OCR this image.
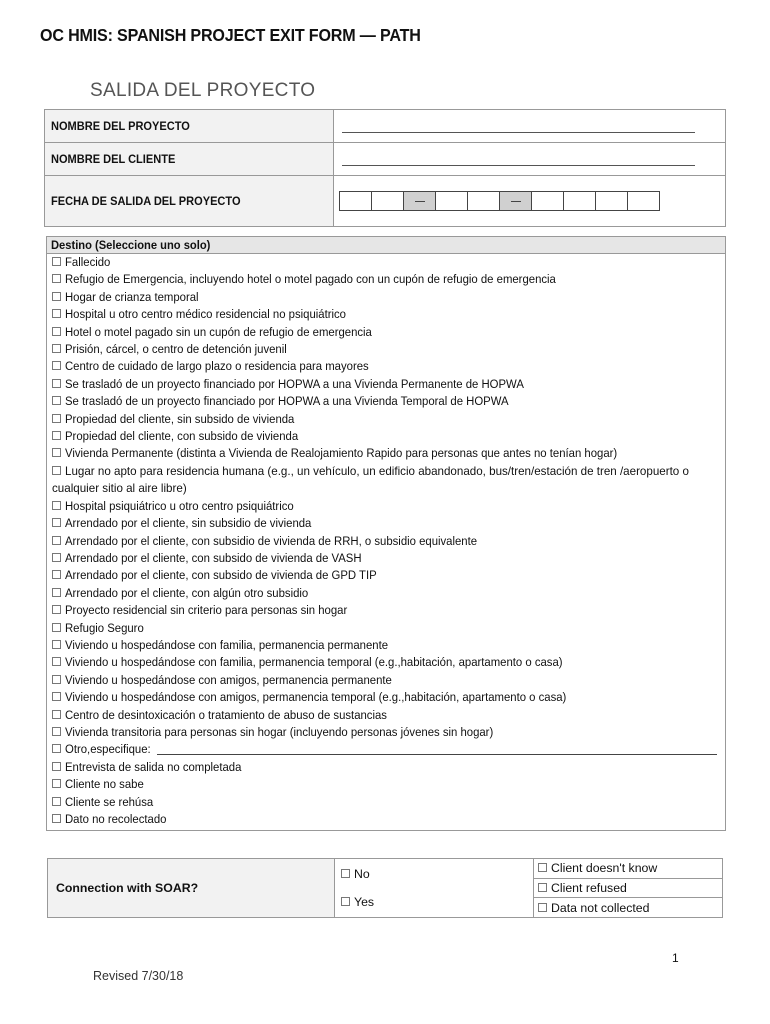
OC HMIS: SPANISH PROJECT EXIT FORM — PATH
SALIDA DEL PROYECTO
NOMBRE DEL PROYECTO	

NOMBRE DEL CLIENTE	

FECHA DE SALIDA DEL PROYECTO	
Destino (Seleccione uno solo)
Fallecido
Refugio de Emergencia, incluyendo hotel o motel pagado con un cupón de refugio de emergencia
Hogar de crianza temporal
Hospital u otro centro médico residencial no psiquiátrico
Hotel o motel pagado sin un cupón de refugio de emergencia
Prisión, cárcel, o centro de detención juvenil
Centro de cuidado de largo plazo o residencia para mayores
Se trasladó de un proyecto financiado por HOPWA a una Vivienda Permanente de HOPWA
Se trasladó de un proyecto financiado por HOPWA a una Vivienda Temporal de HOPWA
Propiedad del cliente, sin subsido de vivienda
Propiedad del cliente, con subsido de vivienda
Vivienda Permanente (distinta a Vivienda de Realojamiento Rapido para personas que antes no tenían hogar)
Lugar no apto para residencia humana (e.g., un vehículo, un edificio abandonado, bus/tren/estación de tren /aeropuerto o cualquier sitio al aire libre)
Hospital psiquiátrico u otro centro psiquiátrico
Arrendado por el cliente, sin subsidio de vivienda
Arrendado por el cliente, con subsidio de vivienda de RRH, o subsidio equivalente
Arrendado por el cliente, con subsido de vivienda de VASH
Arrendado por el cliente, con subsido de vivienda de GPD TIP
Arrendado por el cliente, con algún otro subsidio
Proyecto residencial sin criterio para personas sin hogar
Refugio Seguro
Viviendo u hospedándose con familia, permanencia permanente
Viviendo u hospedándose con familia, permanencia temporal (e.g.,habitación, apartamento o casa)
Viviendo u hospedándose con amigos, permanencia permanente
Viviendo u hospedándose con amigos, permanencia temporal (e.g.,habitación, apartamento o casa)
Centro de desintoxicación o tratamiento de abuso de sustancias
Vivienda transitoria para personas sin hogar (incluyendo personas jóvenes sin hogar)
Otro,especifique:
Entrevista de salida no completada
Cliente no sabe
Cliente se rehúsa
Dato no recolectado
Connection with SOAR?	
No
Yes
	Client doesn't know
Client refused
Data not collected
1
Revised 7/30/18
